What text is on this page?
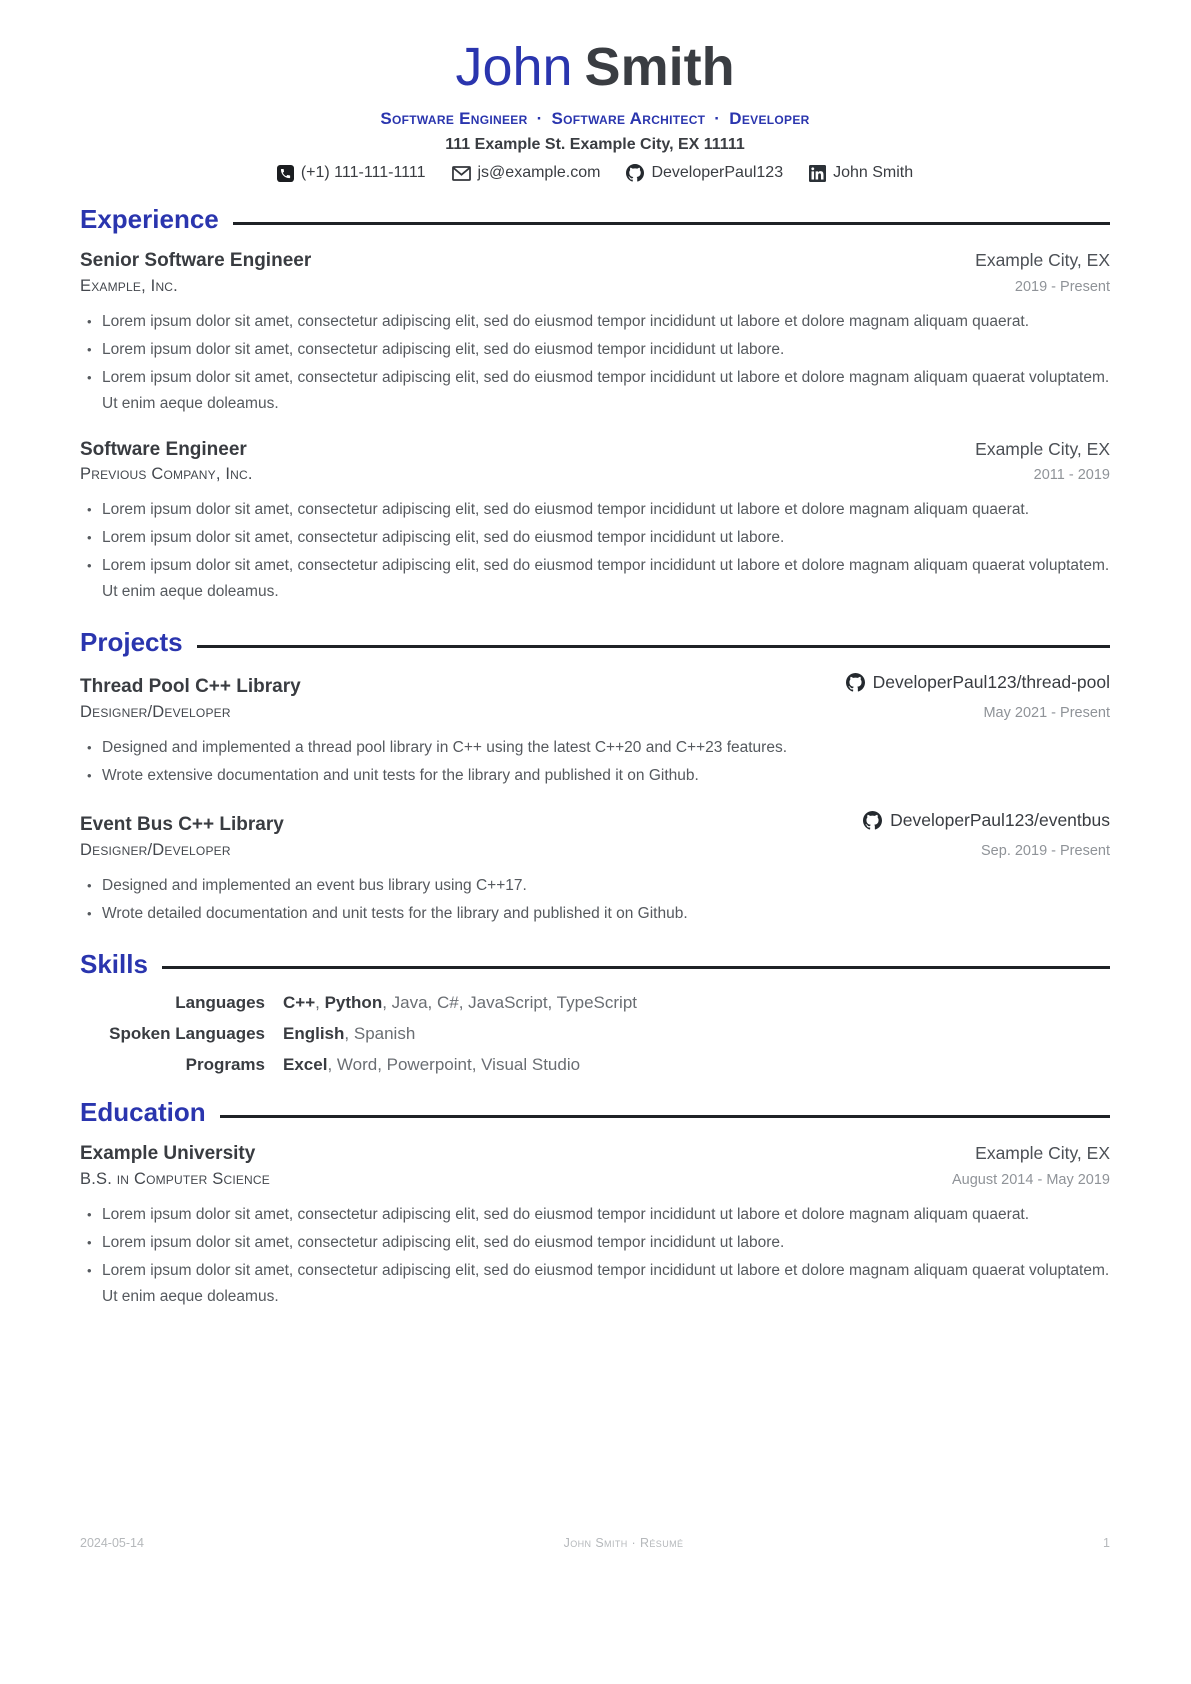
John Smith
Software Engineer · Software Architect · Developer
111 Example St. Example City, EX 11111
(+1) 111-111-1111	js@example.com	DeveloperPaul123	John Smith
Experience
Senior Software Engineer	Example City, EX
Example, Inc.	2019 - Present
• Lorem ipsum dolor sit amet, consectetur adipiscing elit, sed do eiusmod tempor incididunt ut labore et dolore magnam aliquam quaerat.
• Lorem ipsum dolor sit amet, consectetur adipiscing elit, sed do eiusmod tempor incididunt ut labore.
• Lorem ipsum dolor sit amet, consectetur adipiscing elit, sed do eiusmod tempor incididunt ut labore et dolore magnam aliquam quaerat voluptatem. Ut enim aeque doleamus.
Software Engineer	Example City, EX
Previous Company, Inc.	2011 - 2019
• Lorem ipsum dolor sit amet, consectetur adipiscing elit, sed do eiusmod tempor incididunt ut labore et dolore magnam aliquam quaerat.
• Lorem ipsum dolor sit amet, consectetur adipiscing elit, sed do eiusmod tempor incididunt ut labore.
• Lorem ipsum dolor sit amet, consectetur adipiscing elit, sed do eiusmod tempor incididunt ut labore et dolore magnam aliquam quaerat voluptatem. Ut enim aeque doleamus.
Projects
Thread Pool C++ Library	DeveloperPaul123/thread-pool
Designer/Developer	May 2021 - Present
• Designed and implemented a thread pool library in C++ using the latest C++20 and C++23 features.
• Wrote extensive documentation and unit tests for the library and published it on Github.
Event Bus C++ Library	DeveloperPaul123/eventbus
Designer/Developer	Sep. 2019 - Present
• Designed and implemented an event bus library using C++17.
• Wrote detailed documentation and unit tests for the library and published it on Github.
Skills
Languages C++, Python, Java, C#, JavaScript, TypeScript
Spoken Languages English, Spanish
Programs Excel, Word, Powerpoint, Visual Studio
Education
Example University	Example City, EX
B.S. in Computer Science	August 2014 - May 2019
• Lorem ipsum dolor sit amet, consectetur adipiscing elit, sed do eiusmod tempor incididunt ut labore et dolore magnam aliquam quaerat.
• Lorem ipsum dolor sit amet, consectetur adipiscing elit, sed do eiusmod tempor incididunt ut labore.
• Lorem ipsum dolor sit amet, consectetur adipiscing elit, sed do eiusmod tempor incididunt ut labore et dolore magnam aliquam quaerat voluptatem. Ut enim aeque doleamus.
2024-05-14	John Smith · Résumé	1
